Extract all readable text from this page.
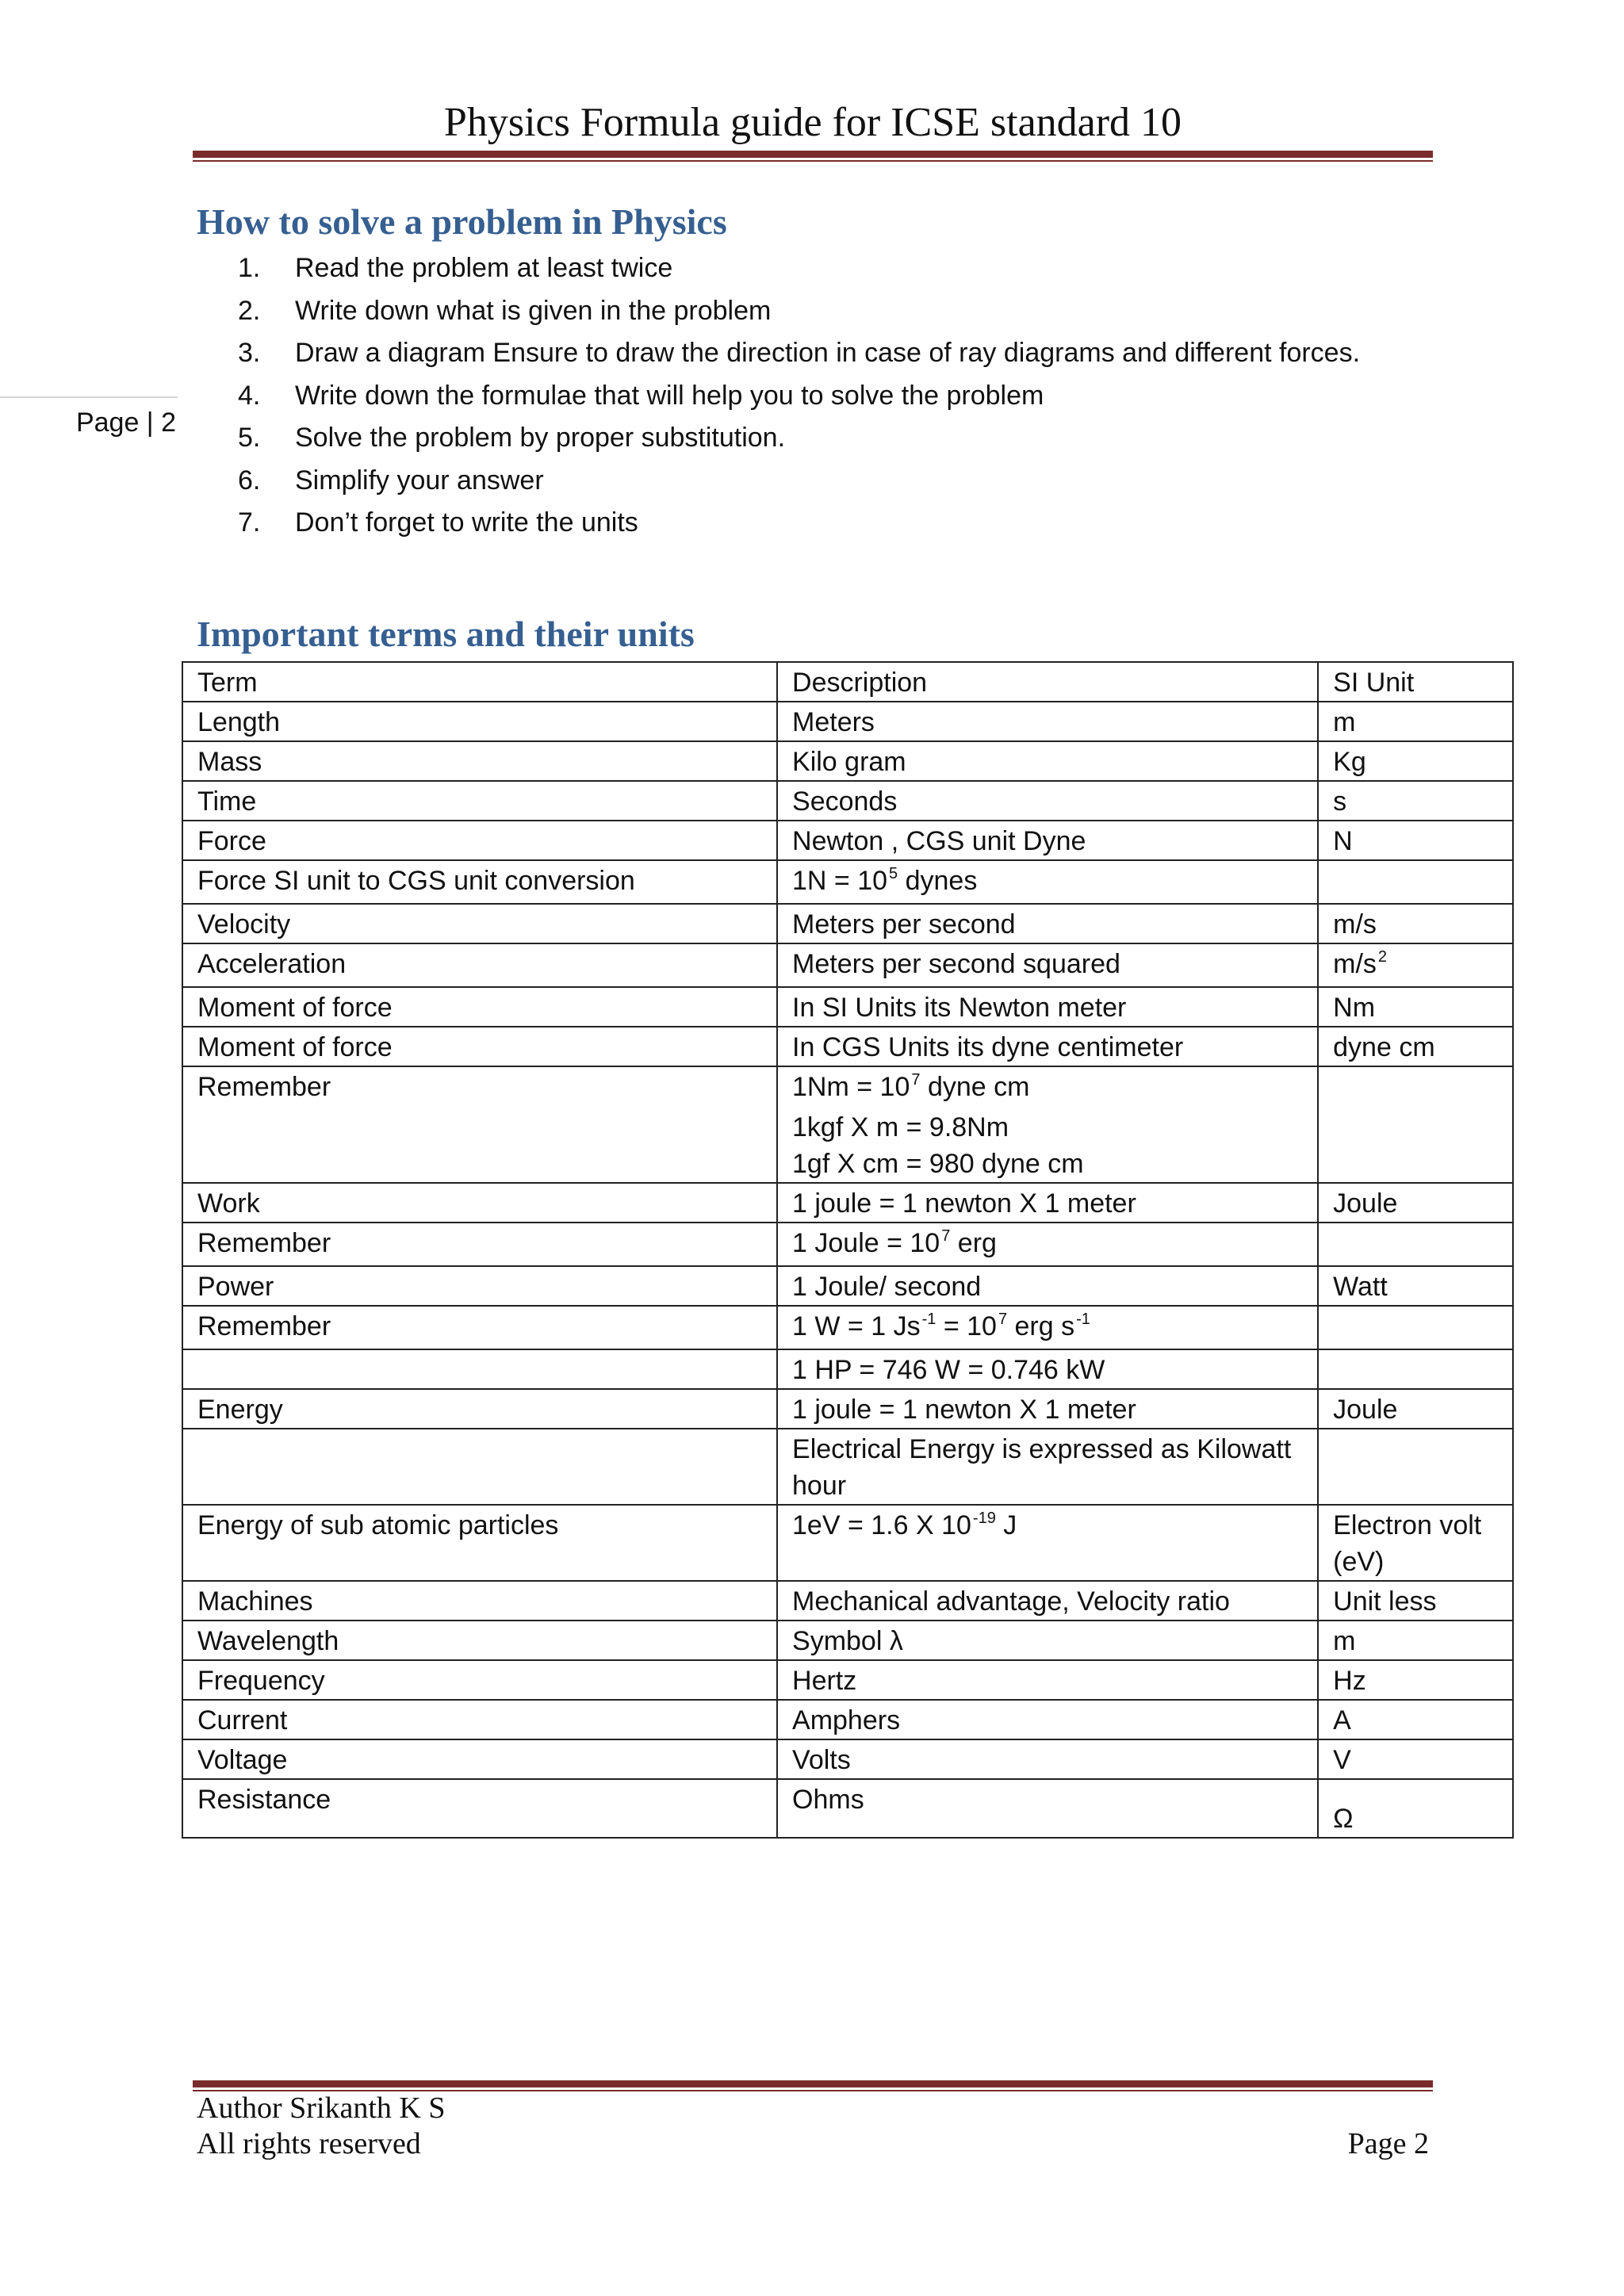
Physics Formula guide for ICSE standard 10
Page | 2
How to solve a problem in Physics
1.	Read the problem at least twice
2.	Write down what is given in the problem
3.	Draw a diagram Ensure to draw the direction in case of ray diagrams and different forces.
4.	Write down the formulae that will help you to solve the problem
5.	Solve the problem by proper substitution.
6.	Simplify your answer
7.	Don’t forget to write the units
Important terms and their units
Term	Description	SI Unit
Length	Meters	m
Mass	Kilo gram	Kg
Time	Seconds	s
Force	Newton , CGS unit Dyne	N
Force SI unit to CGS unit conversion	1N = 10 $^5$ dynes	

Velocity	Meters per second	m/s
Acceleration	Meters per second squared	m/s $^2$
Moment of force	In SI Units its Newton meter	Nm
Moment of force	In CGS Units its dyne centimeter	dyne cm
Remember	1Nm = 10 $^7$ dyne cm
1kgf X m = 9.8Nm
1gf X cm = 980 dyne cm	

Work	1 joule = 1 newton X 1 meter	Joule
Remember	1 Joule = 10 $^7$ erg	

Power	1 Joule/ second	Watt
Remember	1 W = 1 Js $^{-1}$ = 10 $^7$ erg s $^{-1}$

	1 HP = 746 W = 0.746 kW	

Energy	1 joule = 1 newton X 1 meter	Joule

	Electrical Energy is expressed as Kilowatt hour	

Energy of sub atomic particles	1eV = 1.6 X 10 $^{-19}$ J	Electron volt (eV)
Machines	Mechanical advantage, Velocity ratio	Unit less
Wavelength	Symbol λ	m
Frequency	Hertz	Hz
Current	Amphers	A
Voltage	Volts	V
Resistance	Ohms	Ω
Author Srikanth K S
All rights reserved	Page 2
